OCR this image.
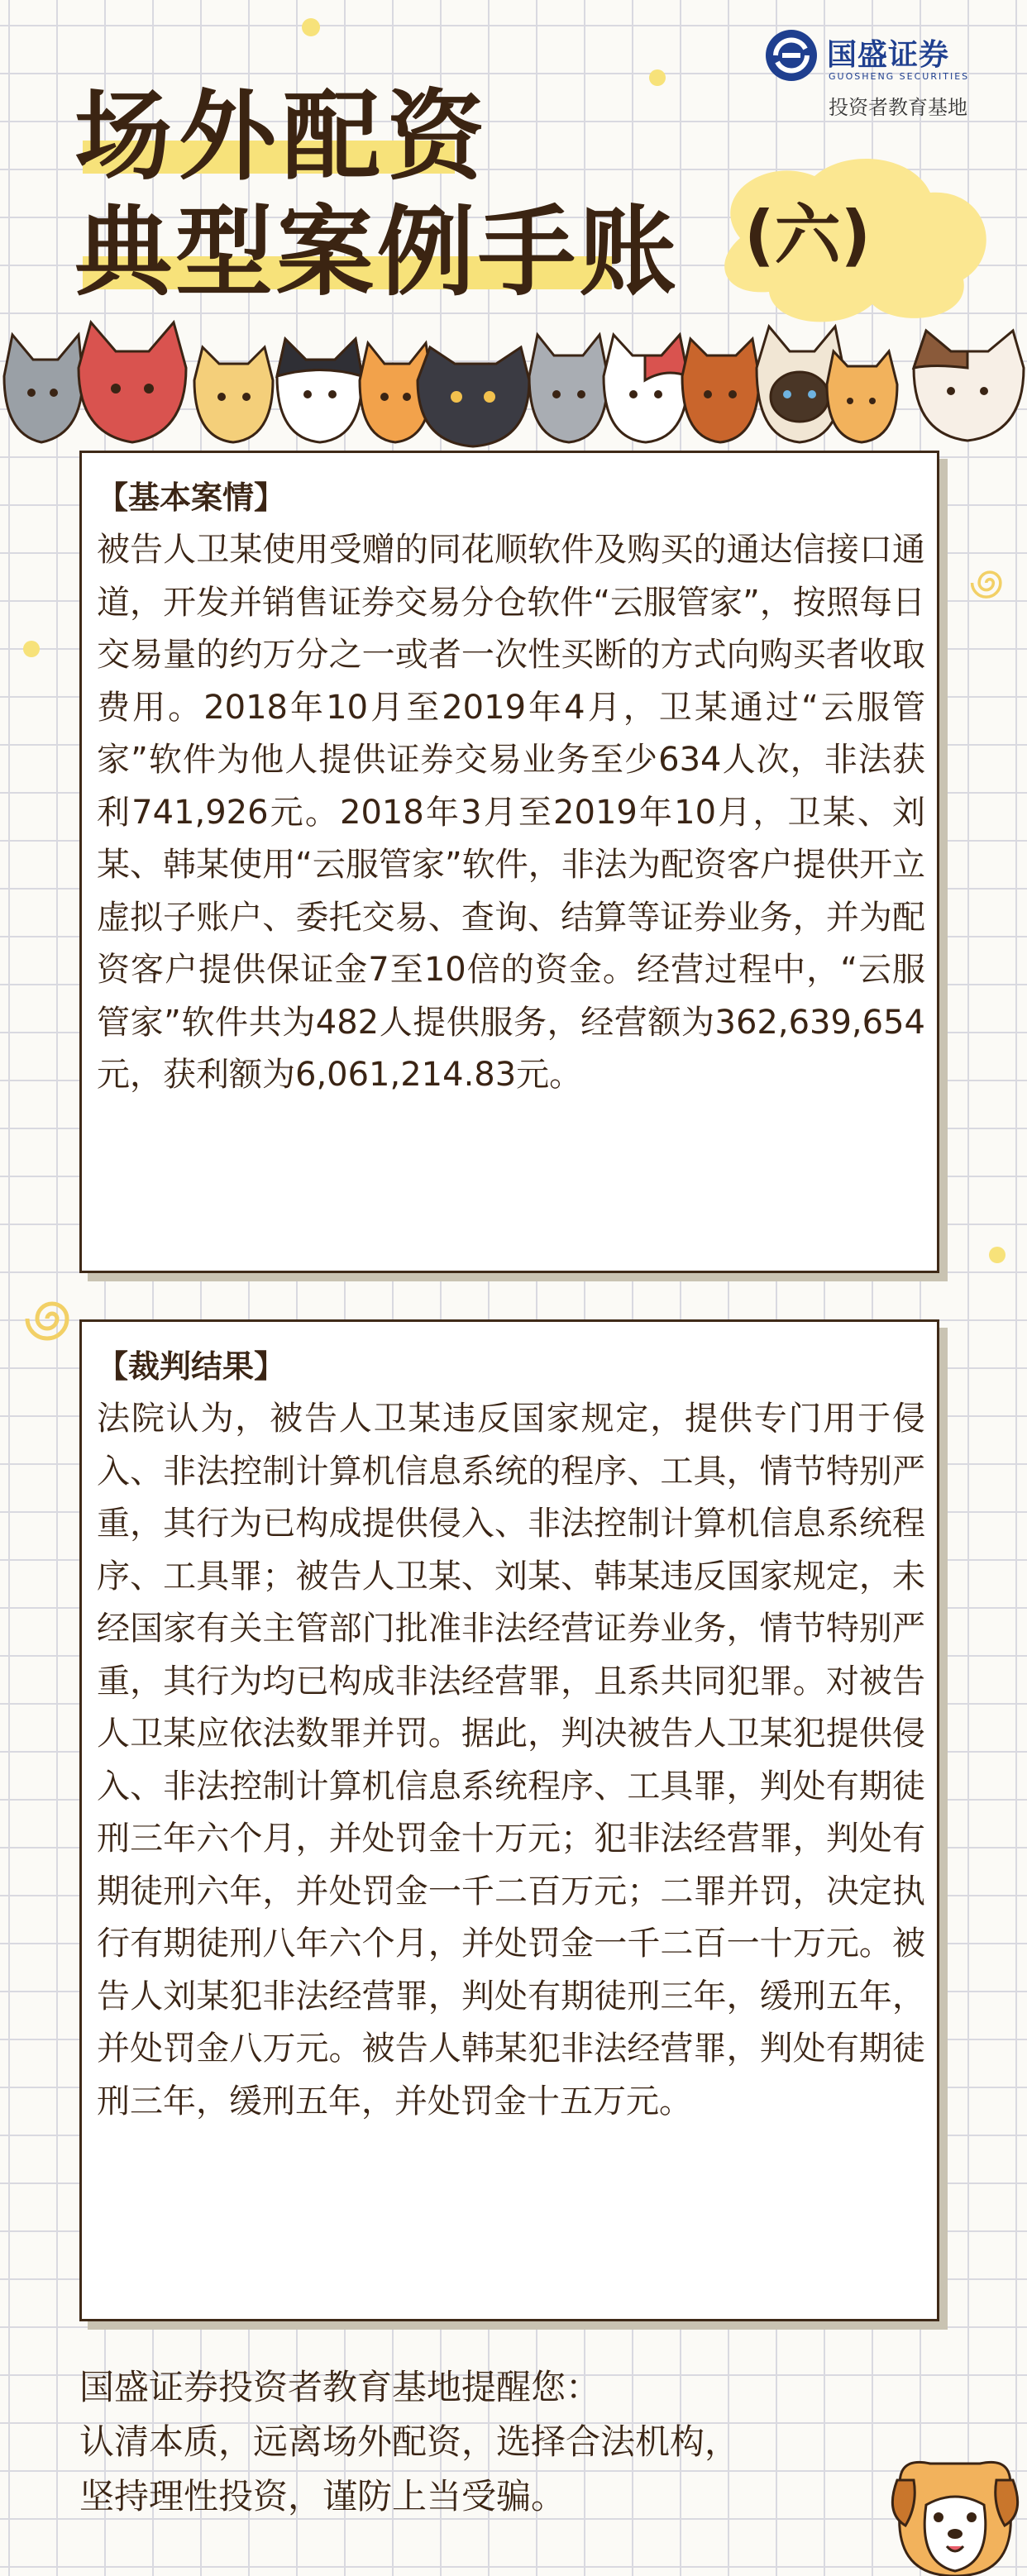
国盛证券
GUOSHENG SECURITIES
投资者教育基地
场外配资
典型案例手账 (六)
【基本案情】
被告人卫某使用受赠的同花顺软件及购买的通达信接口通道，开发并销售证券交易分仓软件“云服管家”，按照每日交易量的约万分之一或者一次性买断的方式向购买者收取费用。2018年10月至2019年4月，卫某通过“云服管家”软件为他人提供证券交易业务至少634人次，非法获利741,926元。2018年3月至2019年10月，卫某、刘某、韩某使用“云服管家”软件，非法为配资客户提供开立虚拟子账户、委托交易、查询、结算等证券业务，并为配资客户提供保证金7至10倍的资金。经营过程中，“云服管家”软件共为482人提供服务，经营额为362,639,654元，获利额为6,061,214.83元。
【裁判结果】
法院认为，被告人卫某违反国家规定，提供专门用于侵入、非法控制计算机信息系统的程序、工具，情节特别严重，其行为已构成提供侵入、非法控制计算机信息系统程序、工具罪；被告人卫某、刘某、韩某违反国家规定，未经国家有关主管部门批准非法经营证券业务，情节特别严重，其行为均已构成非法经营罪，且系共同犯罪。对被告人卫某应依法数罪并罚。据此，判决被告人卫某犯提供侵入、非法控制计算机信息系统程序、工具罪，判处有期徒刑三年六个月，并处罚金十万元；犯非法经营罪，判处有期徒刑六年，并处罚金一千二百万元；二罪并罚，决定执行有期徒刑八年六个月，并处罚金一千二百一十万元。被告人刘某犯非法经营罪，判处有期徒刑三年，缓刑五年，并处罚金八万元。被告人韩某犯非法经营罪，判处有期徒刑三年，缓刑五年，并处罚金十五万元。
国盛证券投资者教育基地提醒您：
认清本质，远离场外配资，选择合法机构，
坚持理性投资，谨防上当受骗。
